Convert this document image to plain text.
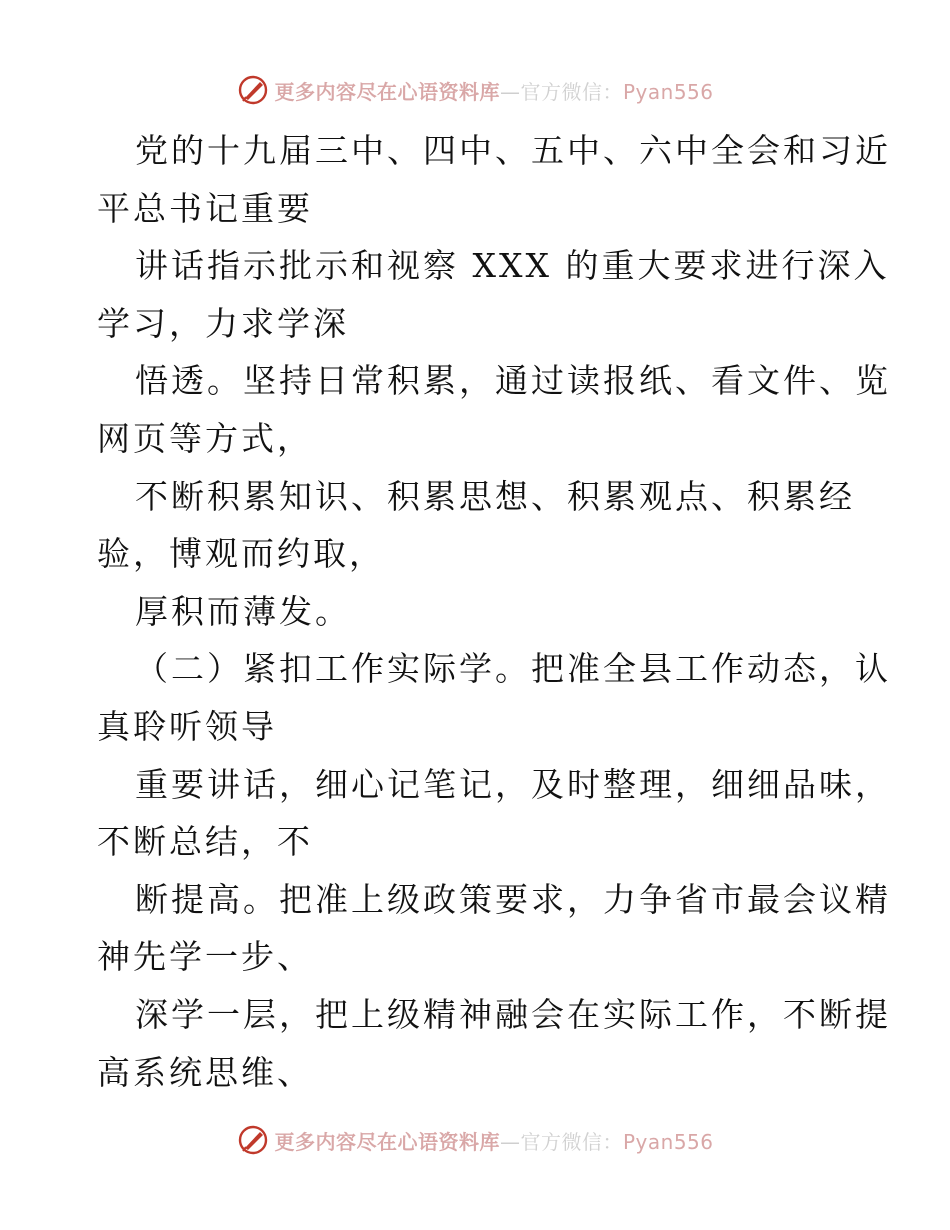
更多内容尽在心语资料库—官方微信：Pyan556
党的十九届三中、四中、五中、六中全会和习近
平总书记重要
讲话指示批示和视察 XXX 的重大要求进行深入
学习，力求学深
悟透。坚持日常积累，通过读报纸、看文件、览
网页等方式，
不断积累知识、积累思想、积累观点、积累经
验，博观而约取，
厚积而薄发。
（二）紧扣工作实际学。把准全县工作动态，认
真聆听领导
重要讲话，细心记笔记，及时整理，细细品味，
不断总结，不
断提高。把准上级政策要求，力争省市最会议精
神先学一步、
深学一层，把上级精神融会在实际工作，不断提
高系统思维、
更多内容尽在心语资料库—官方微信：Pyan556
